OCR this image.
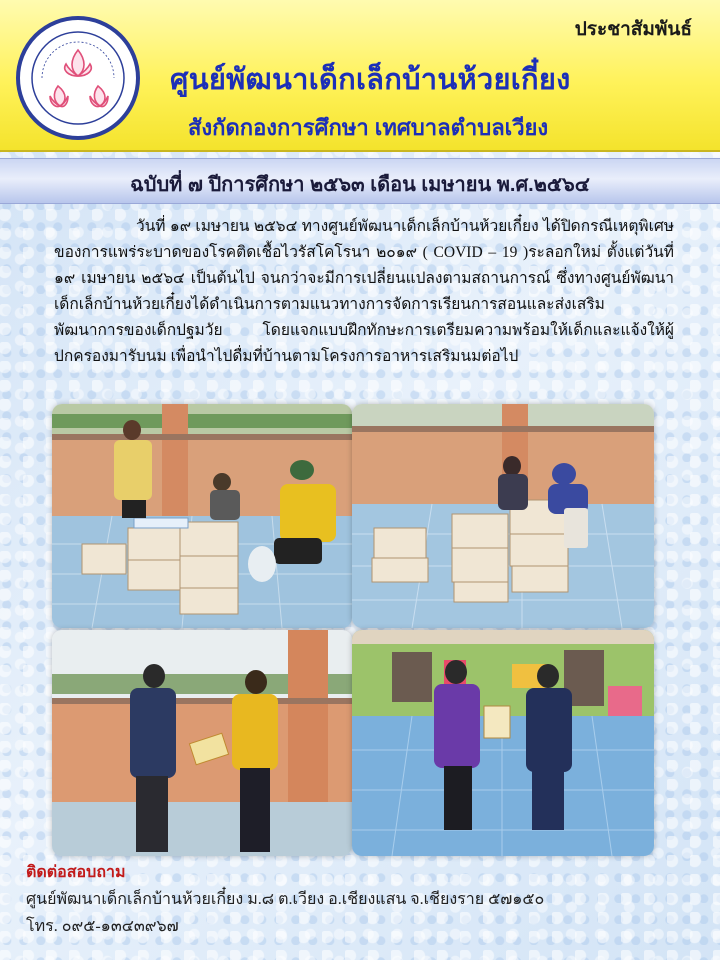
ประชาสัมพันธ์
ศูนย์พัฒนาเด็กเล็กบ้านห้วยเกี๋ยง
สังกัดกองการศึกษา เทศบาลตำบลเวียง
ฉบับที่ ๗ ปีการศึกษา ๒๕๖๓ เดือน เมษายน พ.ศ.๒๕๖๔

วันที่ ๑๙ เมษายน ๒๕๖๔ ทางศูนย์พัฒนาเด็กเล็กบ้านห้วยเกี๋ยง ได้ปิดกรณีเหตุพิเศษของการแพร่ระบาดของโรคติดเชื้อไวรัสโคโรนา ๒๐๑๙ ( COVID – 19 )ระลอกใหม่ ตั้งแต่วันที่ ๑๙ เมษายน ๒๕๖๔ เป็นต้นไป จนกว่าจะมีการเปลี่ยนแปลงตามสถานการณ์ ซึ่งทางศูนย์พัฒนาเด็กเล็กบ้านห้วยเกี๋ยงได้ดำเนินการตามแนวทางการจัดการเรียนการสอนและส่งเสริมพัฒนาการของเด็กปฐมวัย โดยแจกแบบฝึกทักษะการเตรียมความพร้อมให้เด็กและแจ้งให้ผู้ปกครองมารับนม เพื่อนำไปดื่มที่บ้านตามโครงการอาหารเสริมนมต่อไป

ติดต่อสอบถาม
ศูนย์พัฒนาเด็กเล็กบ้านห้วยเกี๋ยง ม.๘ ต.เวียง อ.เชียงแสน จ.เชียงราย ๕๗๑๕๐
โทร. ๐๙๕-๑๓๔๓๙๖๗
